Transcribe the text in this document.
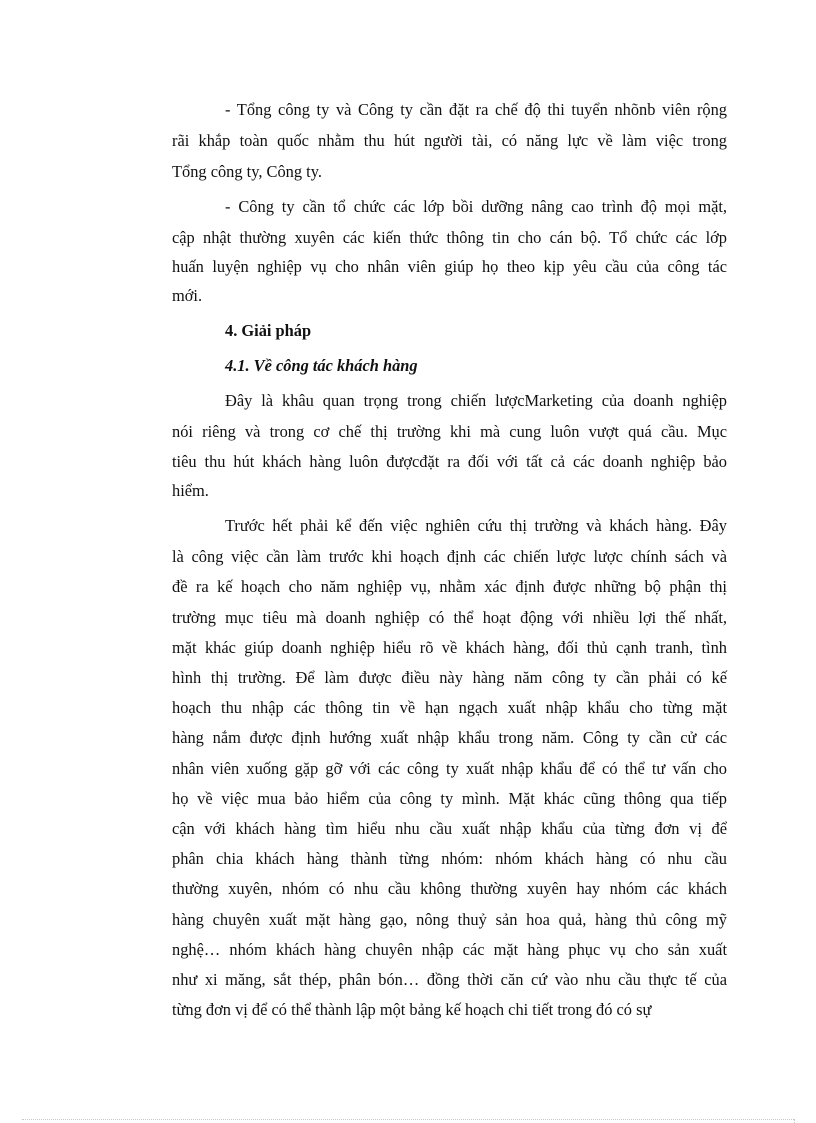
- Tổng công ty và Công ty cần đặt ra chế độ thi tuyển nhõnb viên rộng
rãi khắp toàn quốc nhằm thu hút người tài, có năng lực về làm việc trong
Tổng công ty, Công ty.
- Công ty cần tổ chức các lớp bồi dưỡng nâng cao trình độ mọi mặt,
cập nhật thường xuyên các kiến thức thông tin cho cán bộ. Tổ chức các lớp
huấn luyện nghiệp vụ cho nhân viên giúp họ theo kịp yêu cầu của công tác
mới.
4. Giải pháp
4.1. Về công tác khách hàng
Đây là khâu quan trọng trong chiến lượcMarketing của doanh nghiệp
nói riêng và trong cơ chế thị trường khi mà cung luôn vượt quá cầu. Mục
tiêu thu hút khách hàng luôn đượcđặt ra đối với tất cả các doanh nghiệp bảo
hiểm.
Trước hết phải kể đến việc nghiên cứu thị trường và khách hàng. Đây
là công việc cần làm trước khi hoạch định các chiến lược lược chính sách và
đề ra kế hoạch cho năm nghiệp vụ, nhằm xác định được những bộ phận thị
trường mục tiêu mà doanh nghiệp có thể hoạt động với nhiều lợi thế nhất,
mặt khác giúp doanh nghiệp hiểu rõ về khách hàng, đối thủ cạnh tranh, tình
hình thị trường. Để làm được điều này hàng năm công ty cần phải có kế
hoạch thu nhập các thông tin về hạn ngạch xuất nhập khẩu cho từng mặt
hàng nắm được định hướng xuất nhập khẩu trong năm. Công ty cần cử các
nhân viên xuống gặp gỡ với các công ty xuất nhập khẩu để có thể tư vấn cho
họ về việc mua bảo hiểm của công ty mình. Mặt khác cũng thông qua tiếp
cận với khách hàng tìm hiểu nhu cầu xuất nhập khẩu của từng đơn vị để
phân chia khách hàng thành từng nhóm: nhóm khách hàng có nhu cầu
thường xuyên, nhóm có nhu cầu không thường xuyên hay nhóm các khách
hàng chuyên xuất mặt hàng gạo, nông thuỷ sản hoa quả, hàng thủ công mỹ
nghệ… nhóm khách hàng chuyên nhập các mặt hàng phục vụ cho sản xuất
như xi măng, sắt thép, phân bón… đồng thời căn cứ vào nhu cầu thực tế của
từng đơn vị để có thể thành lập một bảng kế hoạch chi tiết trong đó có sự
